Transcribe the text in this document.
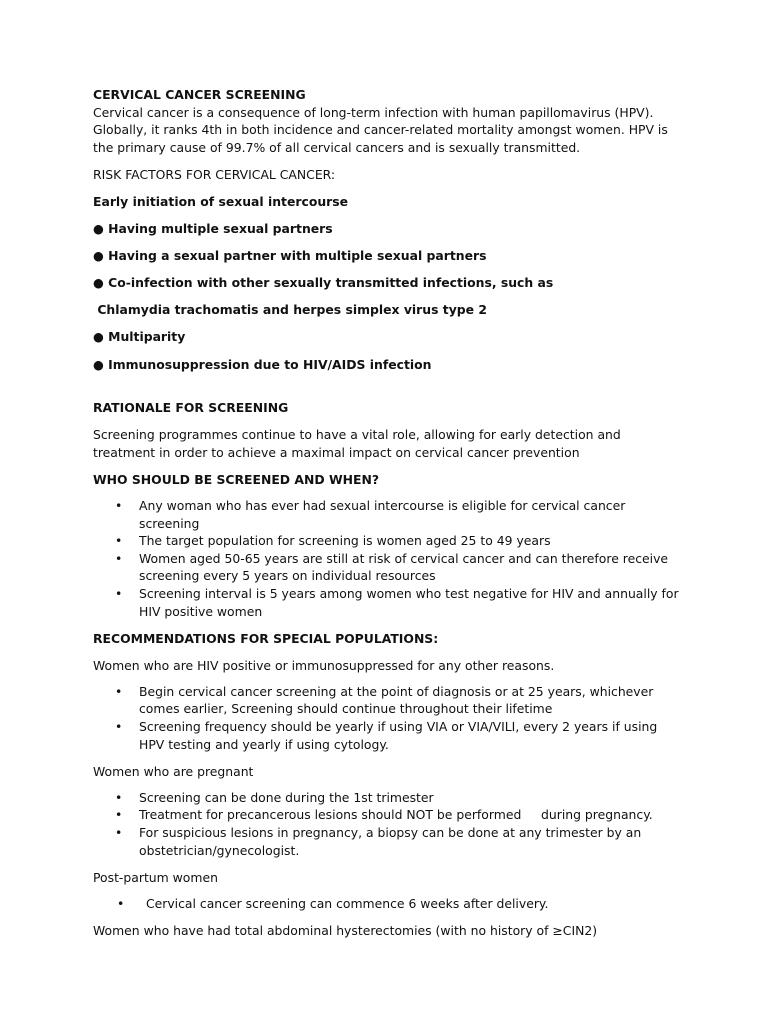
CERVICAL CANCER SCREENING

Cervical cancer is a consequence of long-term infection with human papillomavirus (HPV). Globally, it ranks 4th in both incidence and cancer-related mortality amongst women. HPV is the primary cause of 99.7% of all cervical cancers and is sexually transmitted.

RISK FACTORS FOR CERVICAL CANCER:

Early initiation of sexual intercourse

● Having multiple sexual partners

● Having a sexual partner with multiple sexual partners

● Co-infection with other sexually transmitted infections, such as

Chlamydia trachomatis and herpes simplex virus type 2

● Multiparity

● Immunosuppression due to HIV/AIDS infection

RATIONALE FOR SCREENING

Screening programmes continue to have a vital role, allowing for early detection and treatment in order to achieve a maximal impact on cervical cancer prevention

WHO SHOULD BE SCREENED AND WHEN?

• Any woman who has ever had sexual intercourse is eligible for cervical cancer screening
• The target population for screening is women aged 25 to 49 years
• Women aged 50-65 years are still at risk of cervical cancer and can therefore receive screening every 5 years on individual resources
• Screening interval is 5 years among women who test negative for HIV and annually for HIV positive women

RECOMMENDATIONS FOR SPECIAL POPULATIONS:

Women who are HIV positive or immunosuppressed for any other reasons.

• Begin cervical cancer screening at the point of diagnosis or at 25 years, whichever comes earlier, Screening should continue throughout their lifetime
• Screening frequency should be yearly if using VIA or VIA/VILI, every 2 years if using HPV testing and yearly if using cytology.

Women who are pregnant

• Screening can be done during the 1st trimester
• Treatment for precancerous lesions should NOT be performed     during pregnancy.
• For suspicious lesions in pregnancy, a biopsy can be done at any trimester by an obstetrician/gynecologist.

Post-partum women

•  Cervical cancer screening can commence 6 weeks after delivery.

Women who have had total abdominal hysterectomies (with no history of ≥CIN2)
